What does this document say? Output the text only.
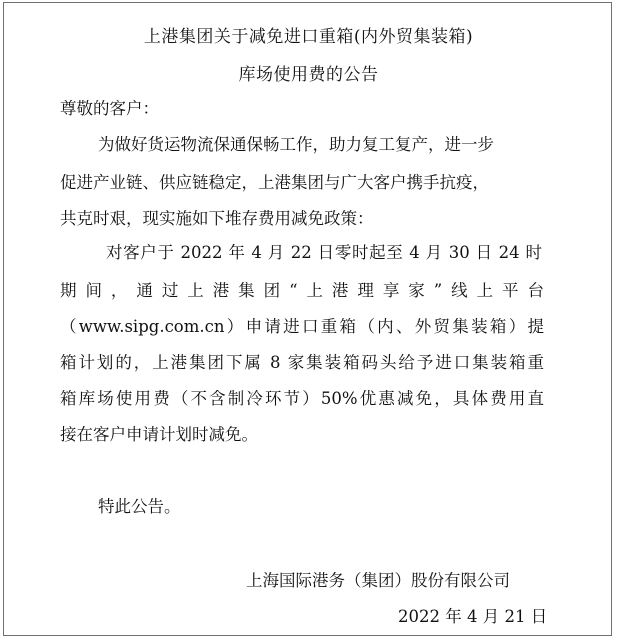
上港集团关于减免进口重箱(内外贸集装箱)
库场使用费的公告
尊敬的客户：
为做好货运物流保通保畅工作，助力复工复产，进一步
促进产业链、供应链稳定，上港集团与广大客户携手抗疫，
共克时艰，现实施如下堆存费用减免政策：
对客户于 2022 年 4 月 22 日零时起至 4 月 30 日 24 时
期间，通过上港集团“上港理享家”线上平台
（www.sipg.com.cn）申请进口重箱（内、外贸集装箱）提
箱计划的，上港集团下属 8 家集装箱码头给予进口集装箱重
箱库场使用费（不含制冷环节）50%优惠减免，具体费用直
接在客户申请计划时减免。
特此公告。
上海国际港务（集团）股份有限公司
2022 年 4 月 21 日
